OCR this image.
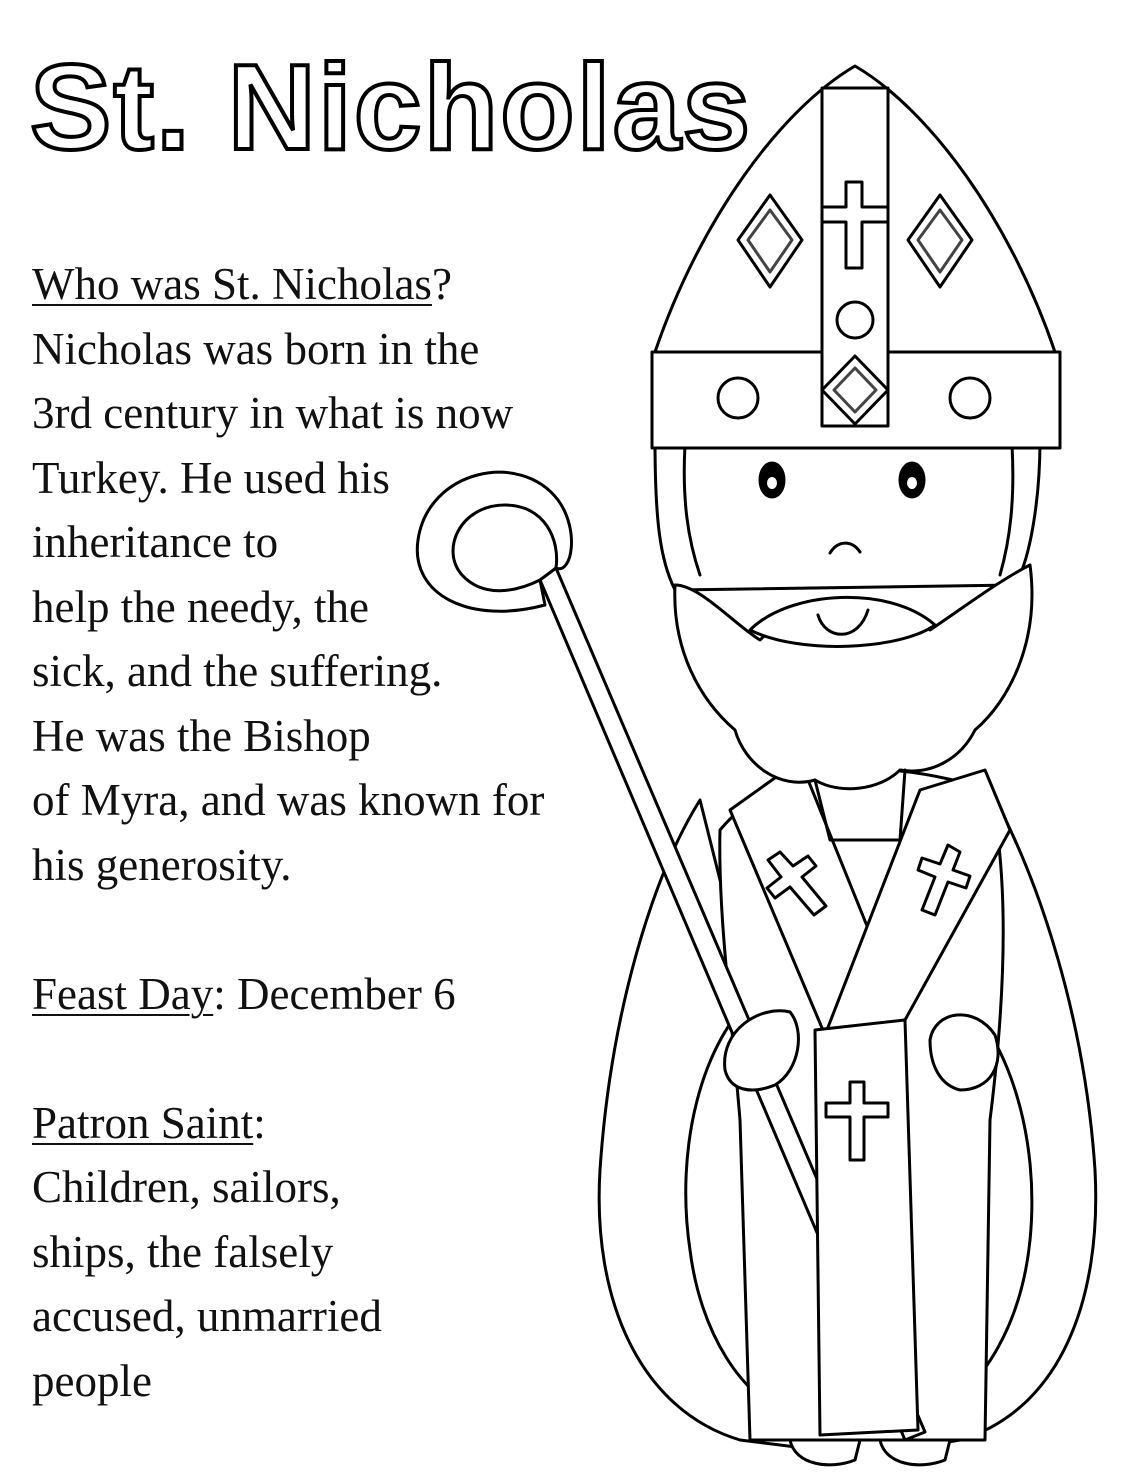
St. Nicholas
Who was St. Nicholas?
Nicholas was born in the
3rd century in what is now
Turkey. He used his
inheritance to
help the needy, the
sick, and the suffering.
He was the Bishop
of Myra, and was known for
his generosity.
Feast Day: December 6
Patron Saint:
Children, sailors,
ships, the falsely
accused, unmarried
people
